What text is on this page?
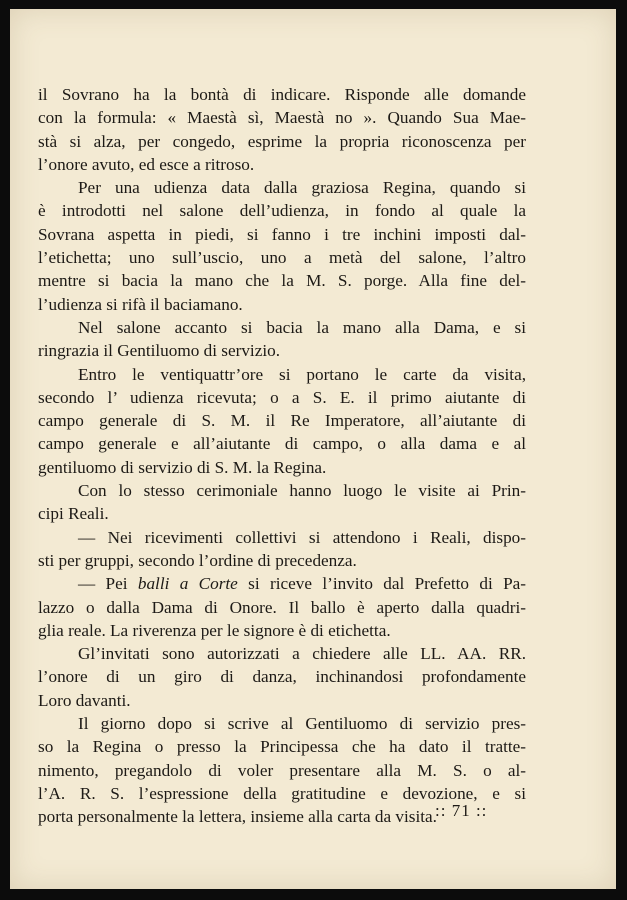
il Sovrano ha la bontà di indicare. Risponde alle domande

con la formula: « Maestà sì, Maestà no ». Quando Sua Mae-

stà si alza, per congedo, esprime la propria riconoscenza per

l’onore avuto, ed esce a ritroso.

Per una udienza data dalla graziosa Regina, quando si

è introdotti nel salone dell’udienza, in fondo al quale la

Sovrana aspetta in piedi, si fanno i tre inchini imposti dal-

l’etichetta; uno sull’uscio, uno a metà del salone, l’altro

mentre si bacia la mano che la M. S. porge. Alla fine del-

l’udienza si rifà il baciamano.

Nel salone accanto si bacia la mano alla Dama, e si

ringrazia il Gentiluomo di servizio.

Entro le ventiquattr’ore si portano le carte da visita,

secondo l’ udienza ricevuta; o a S. E. il primo aiutante di

campo generale di S. M. il Re Imperatore, all’aiutante di

campo generale e all’aiutante di campo, o alla dama e al

gentiluomo di servizio di S. M. la Regina.

Con lo stesso cerimoniale hanno luogo le visite ai Prin-

cipi Reali.

— Nei ricevimenti collettivi si attendono i Reali, dispo-

sti per gruppi, secondo l’ordine di precedenza.

— Pei balli a Corte si riceve l’invito dal Prefetto di Pa-

lazzo o dalla Dama di Onore. Il ballo è aperto dalla quadri-

glia reale. La riverenza per le signore è di etichetta.

Gl’invitati sono autorizzati a chiedere alle LL. AA. RR.

l’onore di un giro di danza, inchinandosi profondamente

Loro davanti.

Il giorno dopo si scrive al Gentiluomo di servizio pres-

so la Regina o presso la Principessa che ha dato il tratte-

nimento, pregandolo di voler presentare alla M. S. o al-

l’A. R. S. l’espressione della gratitudine e devozione, e si

porta personalmente la lettera, insieme alla carta da visita.

:: 71 ::
